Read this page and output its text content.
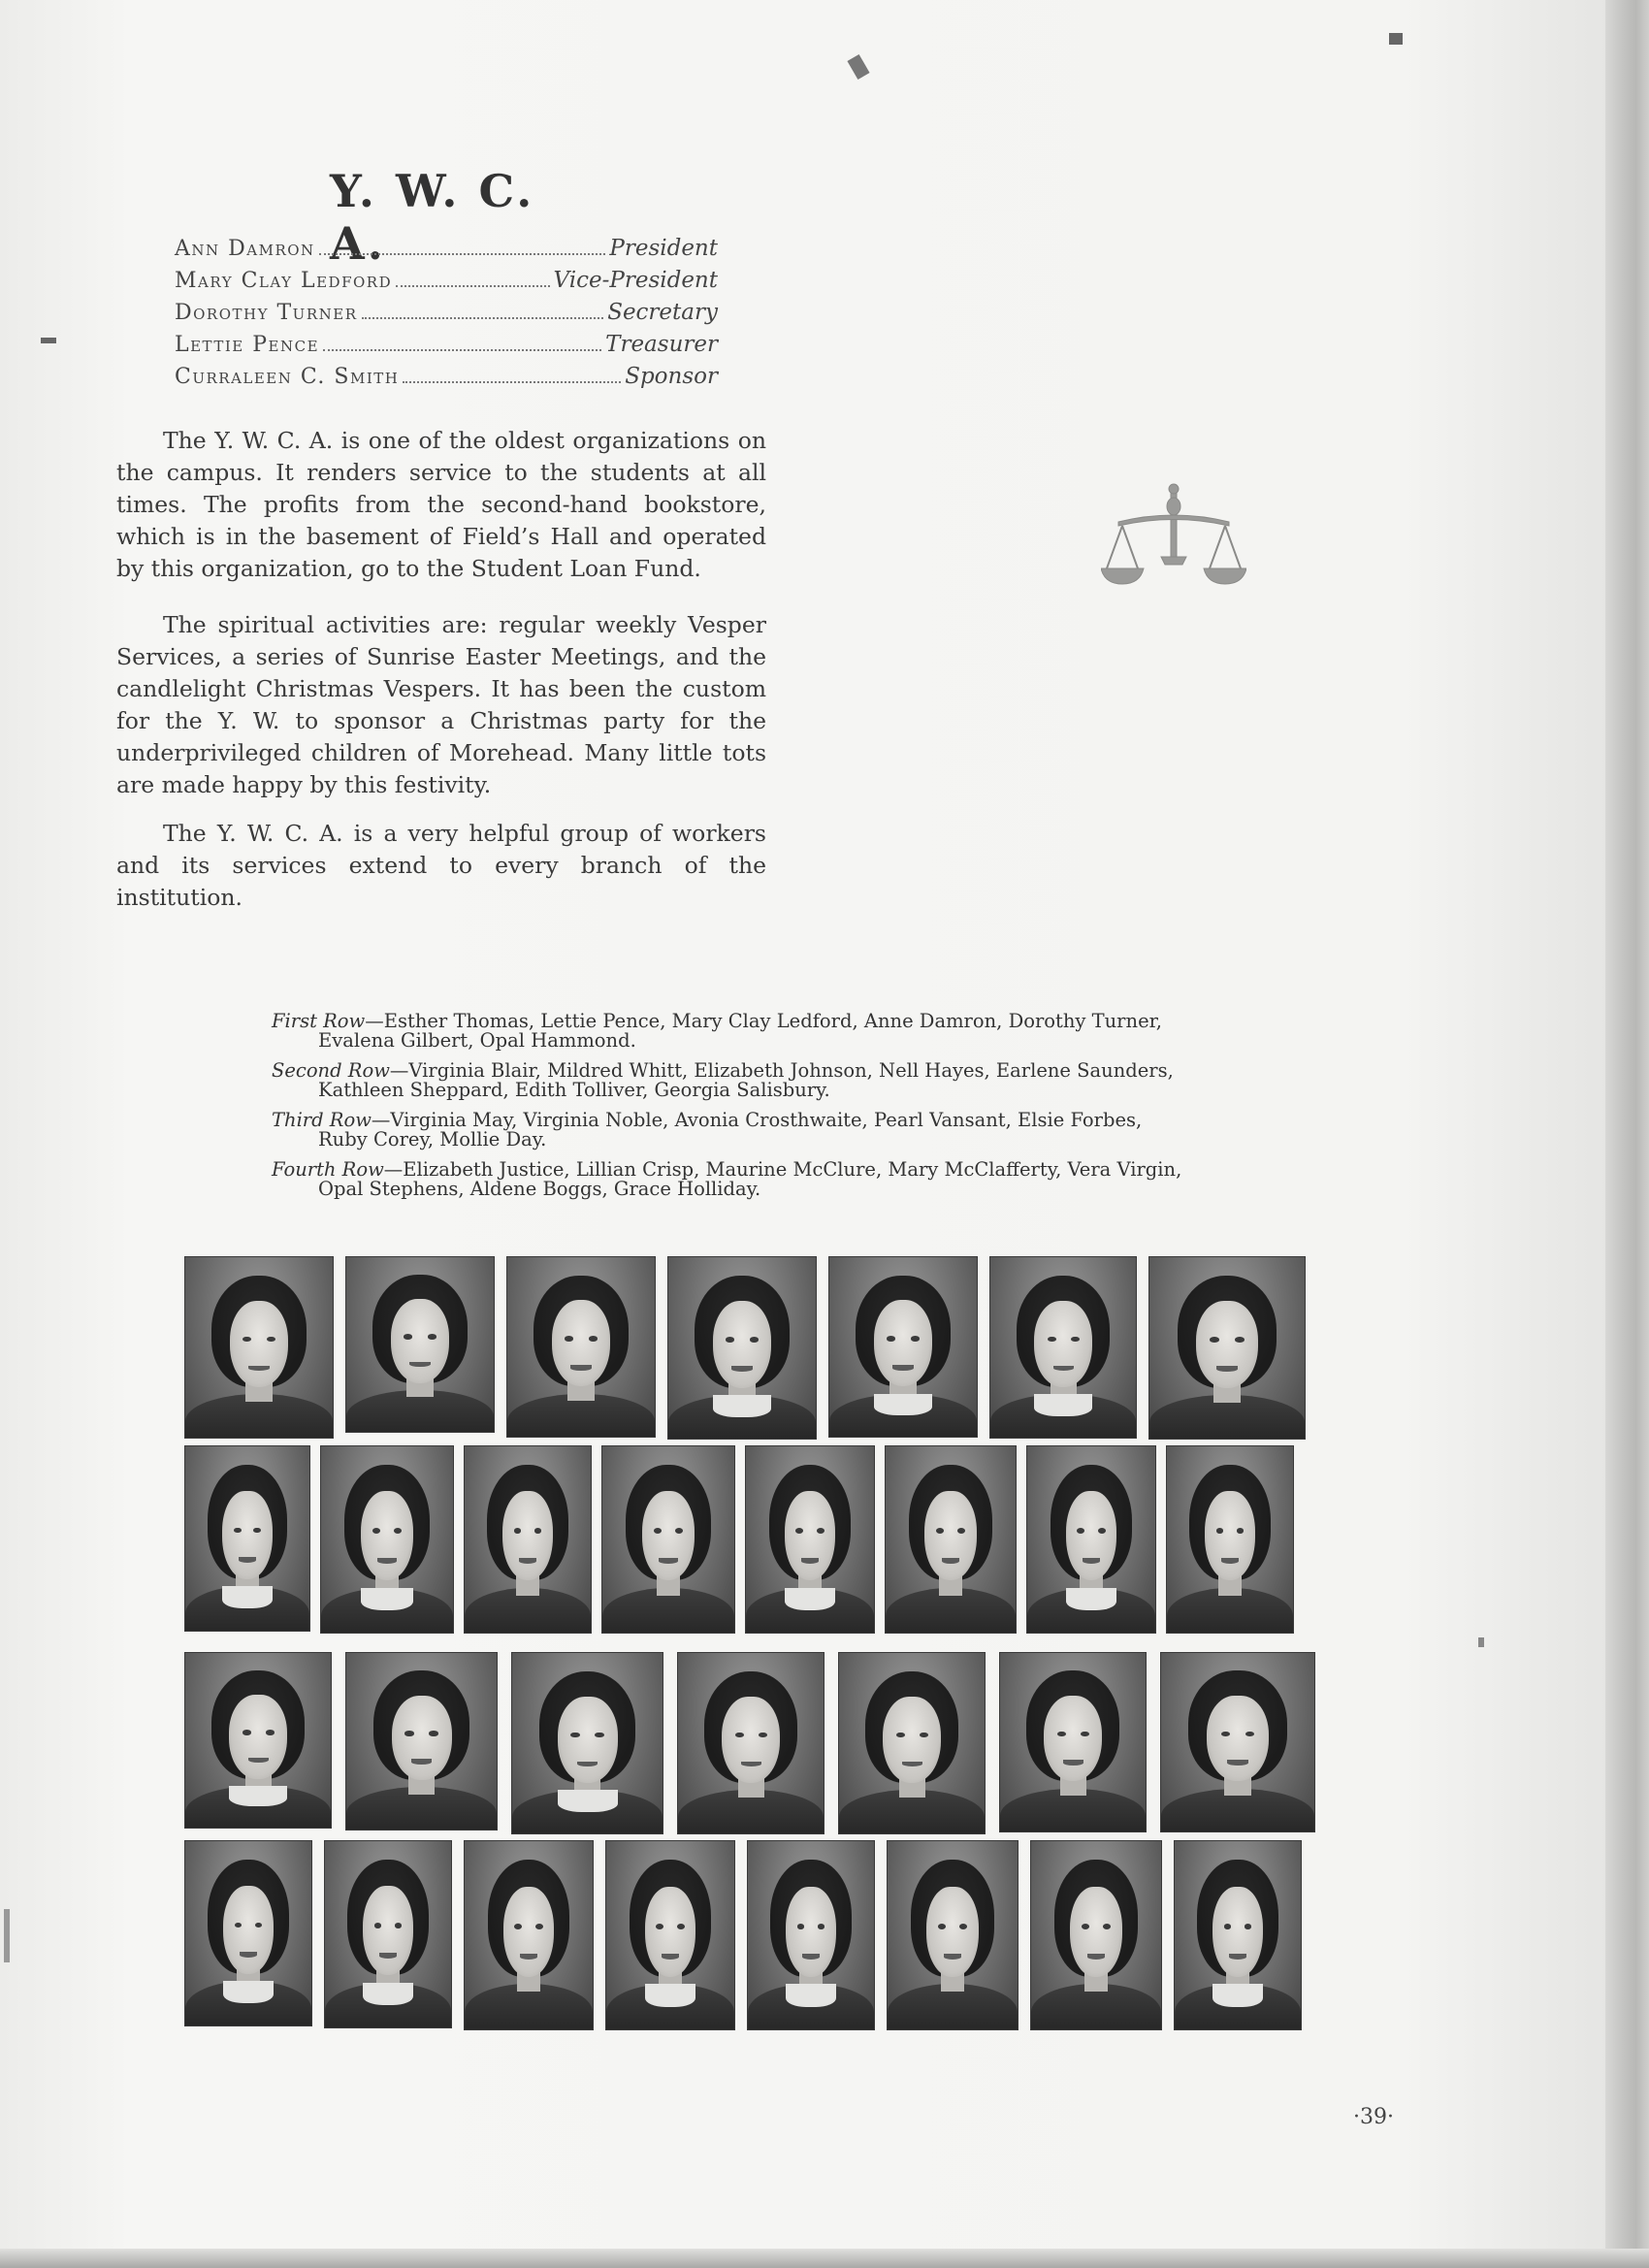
Y. W. C. A.
Ann Damron	President
Mary Clay Ledford	Vice-President
Dorothy Turner	Secretary
Lettie Pence	Treasurer
Curraleen C. Smith	Sponsor

The Y. W. C. A. is one of the oldest organizations on the campus. It renders service to the students at all times. The profits from the second-hand bookstore, which is in the basement of Field’s Hall and operated by this organization, go to the Student Loan Fund.

The spiritual activities are: regular weekly Vesper Services, a series of Sunrise Easter Meetings, and the candlelight Christmas Vespers. It has been the custom for the Y. W. to sponsor a Christmas party for the underprivileged children of Morehead. Many little tots are made happy by this festivity.

The Y. W. C. A. is a very helpful group of workers and its services extend to every branch of the institution.

First Row—Esther Thomas, Lettie Pence, Mary Clay Ledford, Anne Damron, Dorothy Turner,
Evalena Gilbert, Opal Hammond.
Second Row—Virginia Blair, Mildred Whitt, Elizabeth Johnson, Nell Hayes, Earlene Saunders,
Kathleen Sheppard, Edith Tolliver, Georgia Salisbury.
Third Row—Virginia May, Virginia Noble, Avonia Crosthwaite, Pearl Vansant, Elsie Forbes,
Ruby Corey, Mollie Day.
Fourth Row—Elizabeth Justice, Lillian Crisp, Maurine McClure, Mary McClafferty, Vera Virgin,
Opal Stephens, Aldene Boggs, Grace Holliday.
·39·
